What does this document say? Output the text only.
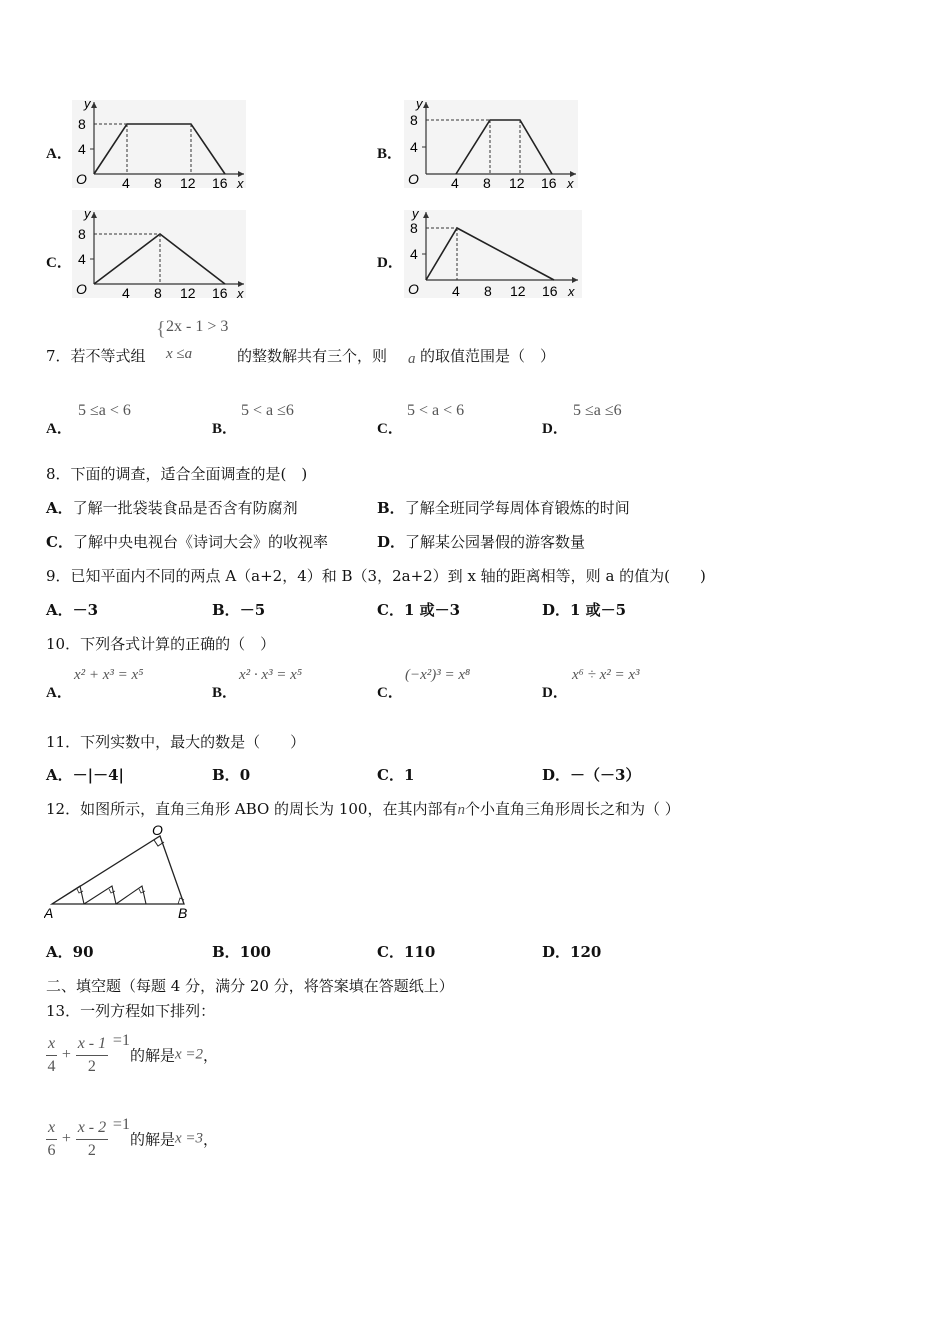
A．	B．
C．	D．
y
8
4
O	4 8 12 16 x
y
8
4
O 4 8 12 16 x
y
8
4
O	4 8 12 16 x
y
8
4
O 4 8 12 16 x
7．若不等式组
{ 2x - 1 > 3
x ≤a	的整数解共有三个，则 a 的取值范围是（　）
A．
5 ≤a < 6
B．
5 < a ≤6
C．
5 < a < 6
D．
5 ≤a ≤6
8．下面的调查，适合全面调查的是(　)
A．了解一批袋装食品是否含有防腐剂	B．了解全班同学每周体育锻炼的时间
C．了解中央电视台《诗词大会》的收视率	D．了解某公园暑假的游客数量
9．已知平面内不同的两点 A（a+2，4）和 B（3，2a+2）到 x 轴的距离相等，则 a 的值为(　　)
A．－3	B．－5	C．1 或－3	D．1 或－5
10．下列各式计算的正确的（　）
A．
x² + x³ = x⁵
B．
x² · x³ = x⁵
C．
(−x²)³ = x⁸
D．
x⁶ ÷ x² = x³
11．下列实数中，最大的数是（　　）
A．－|－4|	B．0	C．1	D．－（－3）
12．如图所示，直角三角形 ABO 的周长为 100，在其内部有n个小直角三角形周长之和为（ ）
O
A	B
A．90	B．100	C．110	D．120
二、填空题（每题 4 分，满分 20 分，将答案填在答题纸上）
13．一列方程如下排列：
$\frac{x}{4} + \frac{x - 1}{2} =1$的解是x =2，
$\frac{x}{6} + \frac{x - 2}{2} =1$的解是x =3，
